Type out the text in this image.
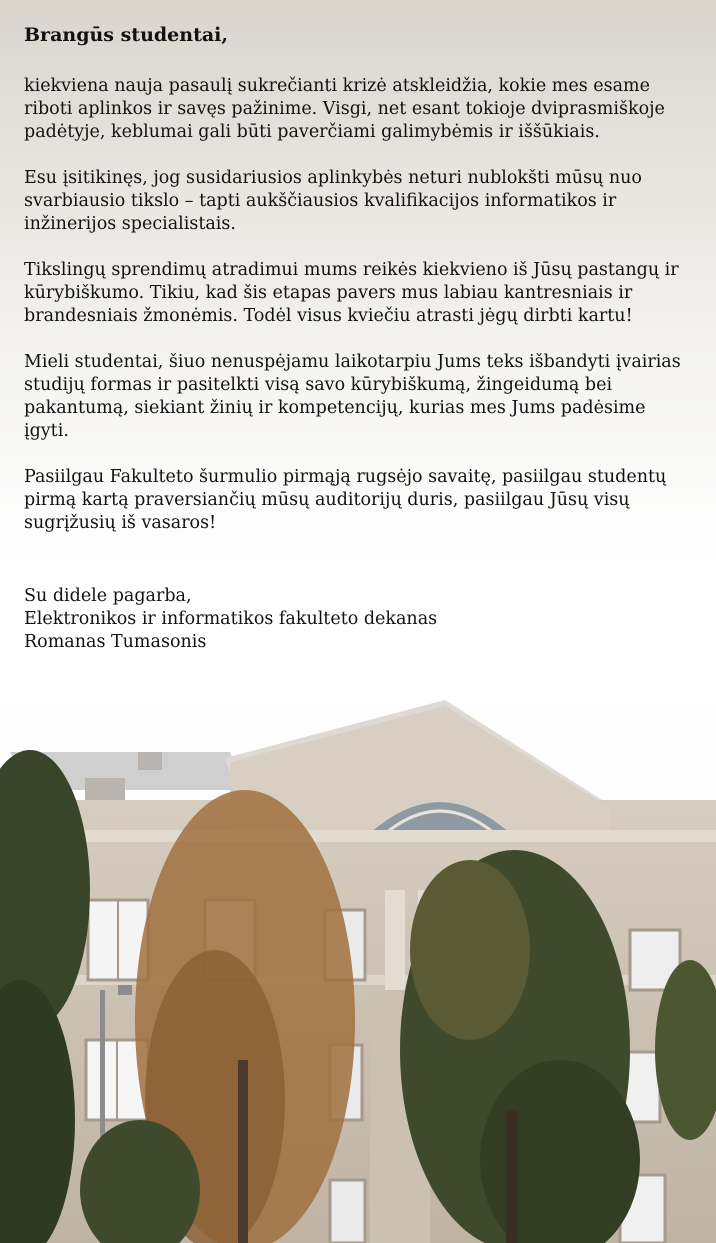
Brangūs studentai,

kiekviena nauja pasaulį sukrečianti krizė atskleidžia, kokie mes esame riboti aplinkos ir savęs pažinime. Visgi, net esant tokioje dviprasmiškoje padėtyje, keblumai gali būti paverčiami galimybėmis ir iššūkiais.

Esu įsitikinęs, jog susidariusios aplinkybės neturi nublokšti mūsų nuo svarbiausio tikslo – tapti aukščiausios kvalifikacijos informatikos ir inžinerijos specialistais.

Tikslingų sprendimų atradimui mums reikės kiekvieno iš Jūsų pastangų ir kūrybiškumo. Tikiu, kad šis etapas pavers mus labiau kantresniais ir brandesniais žmonėmis. Todėl visus kviečiu atrasti jėgų dirbti kartu!

Mieli studentai, šiuo nenuspėjamu laikotarpiu Jums teks išbandyti įvairias studijų formas ir pasitelkti visą savo kūrybiškumą, žingeidumą bei pakantumą, siekiant žinių ir kompetencijų, kurias mes Jums padėsime įgyti.

Pasiilgau Fakulteto šurmulio pirmąją rugsėjo savaitę, pasiilgau studentų pirmą kartą praversiančių mūsų auditorijų duris, pasiilgau Jūsų visų sugrįžusių iš vasaros!

Su didele pagarba,
Elektronikos ir informatikos fakulteto dekanas
Romanas Tumasonis
